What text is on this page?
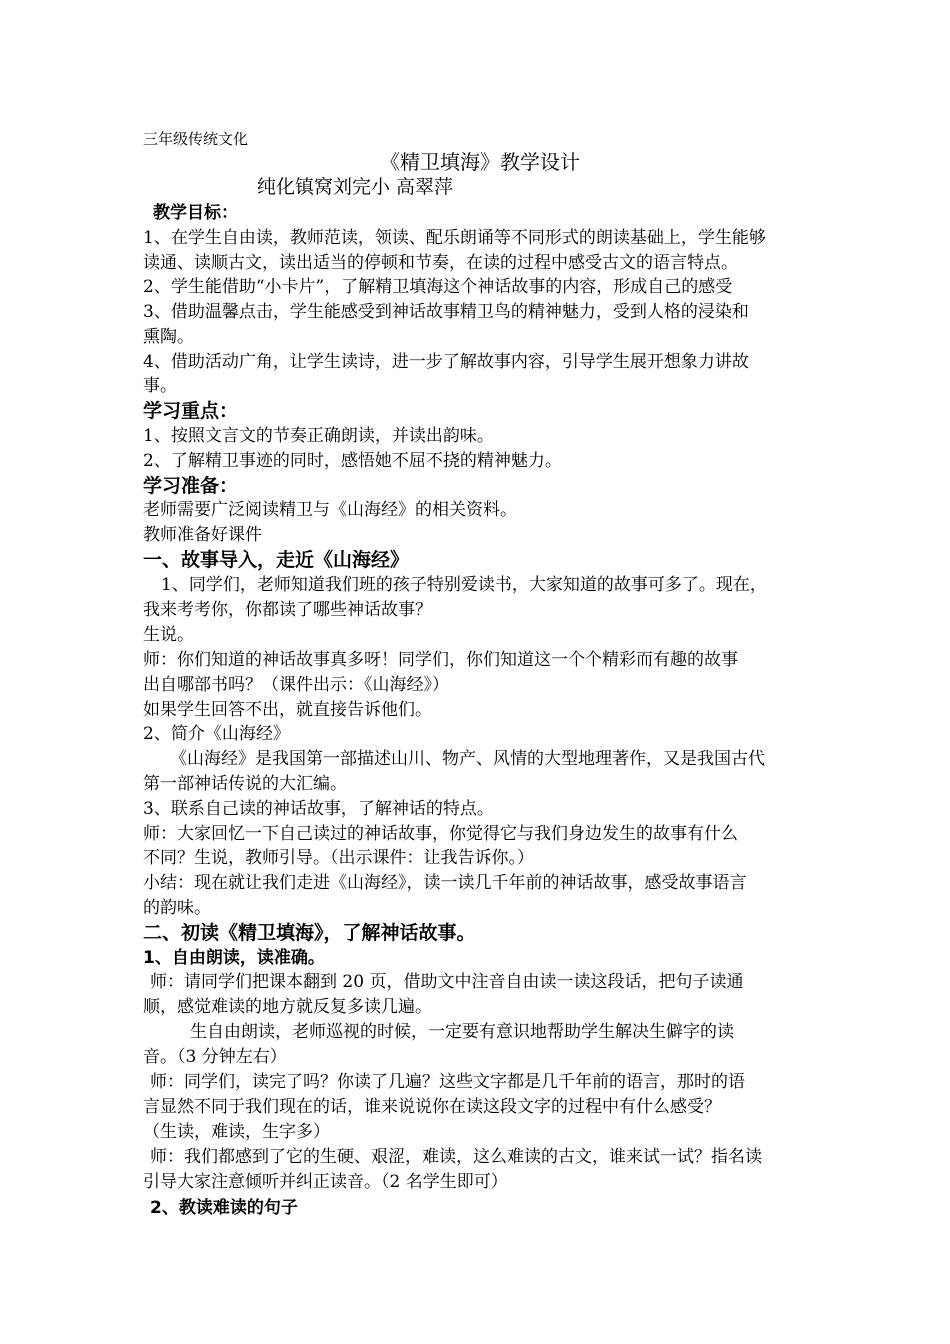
三年级传统文化
《精卫填海》教学设计
纯化镇窝刘完小 高翠萍
教学目标：
1、在学生自由读，教师范读，领读、配乐朗诵等不同形式的朗读基础上，学生能够
读通、读顺古文，读出适当的停顿和节奏，在读的过程中感受古文的语言特点。
2、学生能借助“小卡片”，了解精卫填海这个神话故事的内容，形成自己的感受
3、借助温馨点击，学生能感受到神话故事精卫鸟的精神魅力，受到人格的浸染和
熏陶。
4、借助活动广角，让学生读诗，进一步了解故事内容，引导学生展开想象力讲故
事。
学习重点：
1、按照文言文的节奏正确朗读，并读出韵味。
2、了解精卫事迹的同时，感悟她不屈不挠的精神魅力。
学习准备：
老师需要广泛阅读精卫与《山海经》的相关资料。
教师准备好课件
一、故事导入，走近《山海经》
1、同学们，老师知道我们班的孩子特别爱读书，大家知道的故事可多了。现在，
我来考考你，你都读了哪些神话故事？
生说。
师：你们知道的神话故事真多呀！同学们，你们知道这一个个精彩而有趣的故事
出自哪部书吗？（课件出示：《山海经》）
如果学生回答不出，就直接告诉他们。
2、简介《山海经》
《山海经》是我国第一部描述山川、物产、风情的大型地理著作，又是我国古代
第一部神话传说的大汇编。
3、联系自己读的神话故事，了解神话的特点。
师：大家回忆一下自己读过的神话故事，你觉得它与我们身边发生的故事有什么
不同？生说，教师引导。（出示课件：让我告诉你。）
小结：现在就让我们走进《山海经》，读一读几千年前的神话故事，感受故事语言
的韵味。
二、初读《精卫填海》，了解神话故事。
1、自由朗读，读准确。
师：请同学们把课本翻到 20 页，借助文中注音自由读一读这段话，把句子读通
顺，感觉难读的地方就反复多读几遍。
生自由朗读，老师巡视的时候，一定要有意识地帮助学生解决生僻字的读
音。（3 分钟左右）
师：同学们，读完了吗？你读了几遍？这些文字都是几千年前的语言，那时的语
言显然不同于我们现在的话，谁来说说你在读这段文字的过程中有什么感受？
（生读，难读，生字多）
师：我们都感到了它的生硬、艰涩，难读，这么难读的古文，谁来试一试？指名读
引导大家注意倾听并纠正读音。（2 名学生即可）
2、教读难读的句子
